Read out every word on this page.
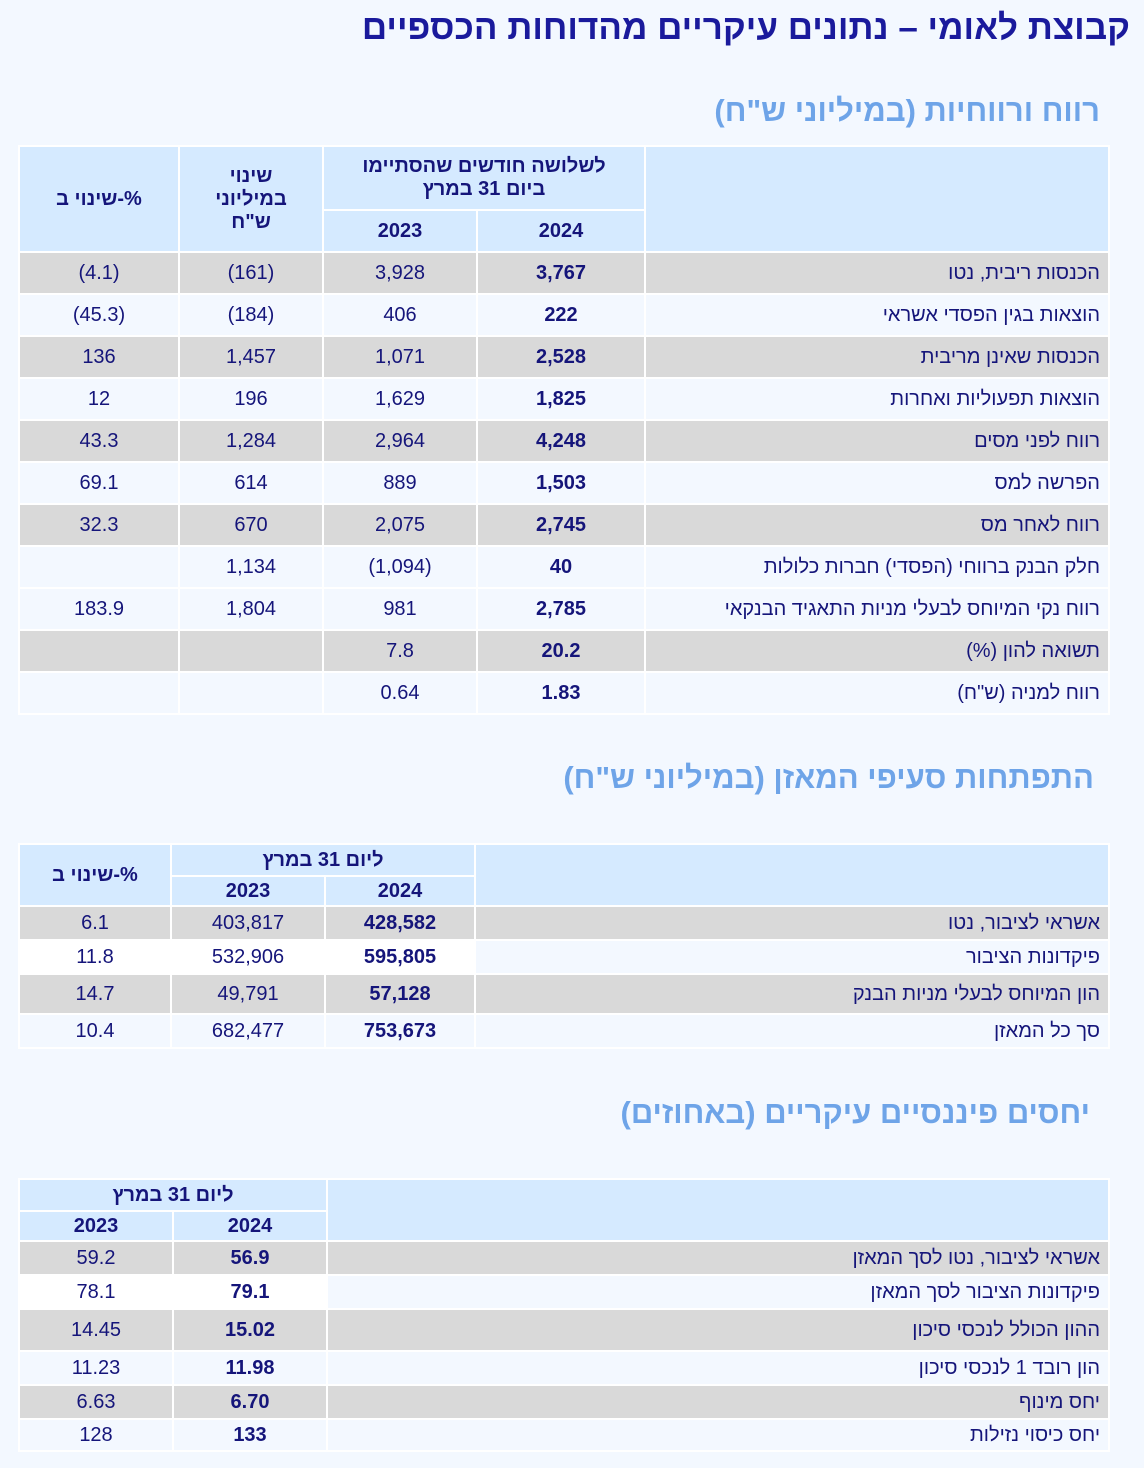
קבוצת לאומי – נתונים עיקריים מהדוחות הכספיים
רווח ורווחיות (במיליוני ש"ח)
שינוי ב-%	שינוי במיליוני ש"ח	לשלושה חודשים שהסתיימו ביום 31 במרץ		
		2023	2024	
(4.1)	(161)	3,928	3,767	הכנסות ריבית, נטו
(45.3)	(184)	406	222	הוצאות בגין הפסדי אשראי
136	1,457	1,071	2,528	הכנסות שאינן מריבית
12	196	1,629	1,825	הוצאות תפעוליות ואחרות
43.3	1,284	2,964	4,248	רווח לפני מסים
69.1	614	889	1,503	הפרשה למס
32.3	670	2,075	2,745	רווח לאחר מס
	1,134	(1,094)	40	חלק הבנק ברווחי (הפסדי) חברות כלולות
183.9	1,804	981	2,785	רווח נקי המיוחס לבעלי מניות התאגיד הבנקאי
		7.8	20.2	תשואה להון (%)
		0.64	1.83	רווח למניה (ש"ח)
התפתחות סעיפי המאזן (במיליוני ש"ח)
שינוי ב-%	ליום 31 במרץ		
	2023	2024	
6.1	403,817	428,582	אשראי לציבור, נטו
11.8	532,906	595,805	פיקדונות הציבור
14.7	49,791	57,128	הון המיוחס לבעלי מניות הבנק
10.4	682,477	753,673	סך כל המאזן
יחסים פיננסיים עיקריים (באחוזים)
ליום 31 במרץ		
2023	2024	
59.2	56.9	אשראי לציבור, נטו לסך המאזן
78.1	79.1	פיקדונות הציבור לסך המאזן
14.45	15.02	ההון הכולל לנכסי סיכון
11.23	11.98	הון רובד 1 לנכסי סיכון
6.63	6.70	יחס מינוף
128	133	יחס כיסוי נזילות
